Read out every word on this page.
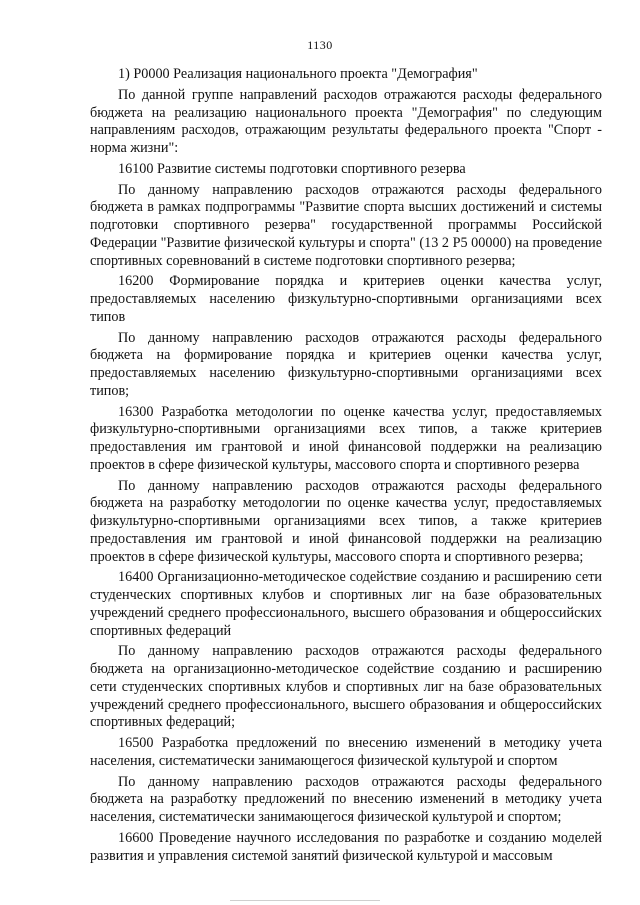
1130

1) Р0000 Реализация национального проекта "Демография"

По данной группе направлений расходов отражаются расходы федерального бюджета на реализацию национального проекта "Демография" по следующим направлениям расходов, отражающим результаты федерального проекта "Спорт - норма жизни":

16100 Развитие системы подготовки спортивного резерва

По данному направлению расходов отражаются расходы федерального бюджета в рамках подпрограммы "Развитие спорта высших достижений и системы подготовки спортивного резерва" государственной программы Российской Федерации "Развитие физической культуры и спорта" (13 2 Р5 00000) на проведение спортивных соревнований в системе подготовки спортивного резерва;

16200 Формирование порядка и критериев оценки качества услуг, предоставляемых населению физкультурно-спортивными организациями всех типов

По данному направлению расходов отражаются расходы федерального бюджета на формирование порядка и критериев оценки качества услуг, предоставляемых населению физкультурно-спортивными организациями всех типов;

16300 Разработка методологии по оценке качества услуг, предоставляемых физкультурно-спортивными организациями всех типов, а также критериев предоставления им грантовой и иной финансовой поддержки на реализацию проектов в сфере физической культуры, массового спорта и спортивного резерва

По данному направлению расходов отражаются расходы федерального бюджета на разработку методологии по оценке качества услуг, предоставляемых физкультурно-спортивными организациями всех типов, а также критериев предоставления им грантовой и иной финансовой поддержки на реализацию проектов в сфере физической культуры, массового спорта и спортивного резерва;

16400 Организационно-методическое содействие созданию и расширению сети студенческих спортивных клубов и спортивных лиг на базе образовательных учреждений среднего профессионального, высшего образования и общероссийских спортивных федераций

По данному направлению расходов отражаются расходы федерального бюджета на организационно-методическое содействие созданию и расширению сети студенческих спортивных клубов и спортивных лиг на базе образовательных учреждений среднего профессионального, высшего образования и общероссийских спортивных федераций;

16500 Разработка предложений по внесению изменений в методику учета населения, систематически занимающегося физической культурой и спортом

По данному направлению расходов отражаются расходы федерального бюджета на разработку предложений по внесению изменений в методику учета населения, систематически занимающегося физической культурой и спортом;

16600 Проведение научного исследования по разработке и созданию моделей развития и управления системой занятий физической культурой и массовым
